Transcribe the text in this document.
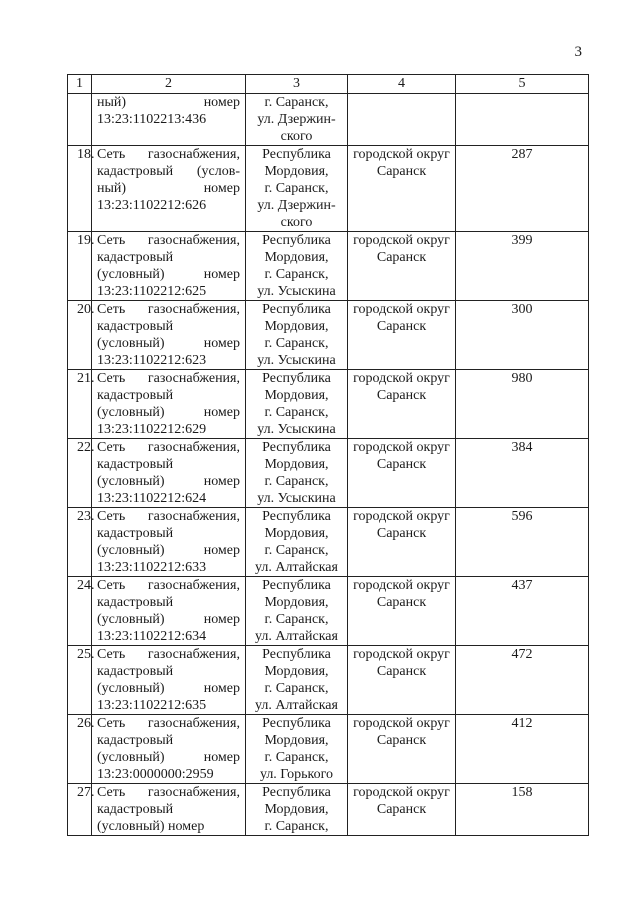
3
1	2	3	4	5

	ный) номер
13:23:1102213:436	г. Саранск,
ул. Дзержин-
ского		

18.	Сеть газоснабжения,
кадастровый (услов-
ный) номер
13:23:1102212:626	Республика
Мордовия,
г. Саранск,
ул. Дзержин-
ского	городской округ
Саранск	287
19.	Сеть газоснабжения,
кадастровый
(условный) номер
13:23:1102212:625	Республика
Мордовия,
г. Саранск,
ул. Усыскина	городской округ
Саранск	399
20.	Сеть газоснабжения,
кадастровый
(условный) номер
13:23:1102212:623	Республика
Мордовия,
г. Саранск,
ул. Усыскина	городской округ
Саранск	300
21.	Сеть газоснабжения,
кадастровый
(условный) номер
13:23:1102212:629	Республика
Мордовия,
г. Саранск,
ул. Усыскина	городской округ
Саранск	980
22.	Сеть газоснабжения,
кадастровый
(условный) номер
13:23:1102212:624	Республика
Мордовия,
г. Саранск,
ул. Усыскина	городской округ
Саранск	384
23.	Сеть газоснабжения,
кадастровый
(условный) номер
13:23:1102212:633	Республика
Мордовия,
г. Саранск,
ул. Алтайская	городской округ
Саранск	596
24.	Сеть газоснабжения,
кадастровый
(условный) номер
13:23:1102212:634	Республика
Мордовия,
г. Саранск,
ул. Алтайская	городской округ
Саранск	437
25.	Сеть газоснабжения,
кадастровый
(условный) номер
13:23:1102212:635	Республика
Мордовия,
г. Саранск,
ул. Алтайская	городской округ
Саранск	472
26.	Сеть газоснабжения,
кадастровый
(условный) номер
13:23:0000000:2959	Республика
Мордовия,
г. Саранск,
ул. Горького	городской округ
Саранск	412
27.	Сеть газоснабжения,
кадастровый
(условный) номер	Республика
Мордовия,
г. Саранск,	городской округ
Саранск	158
